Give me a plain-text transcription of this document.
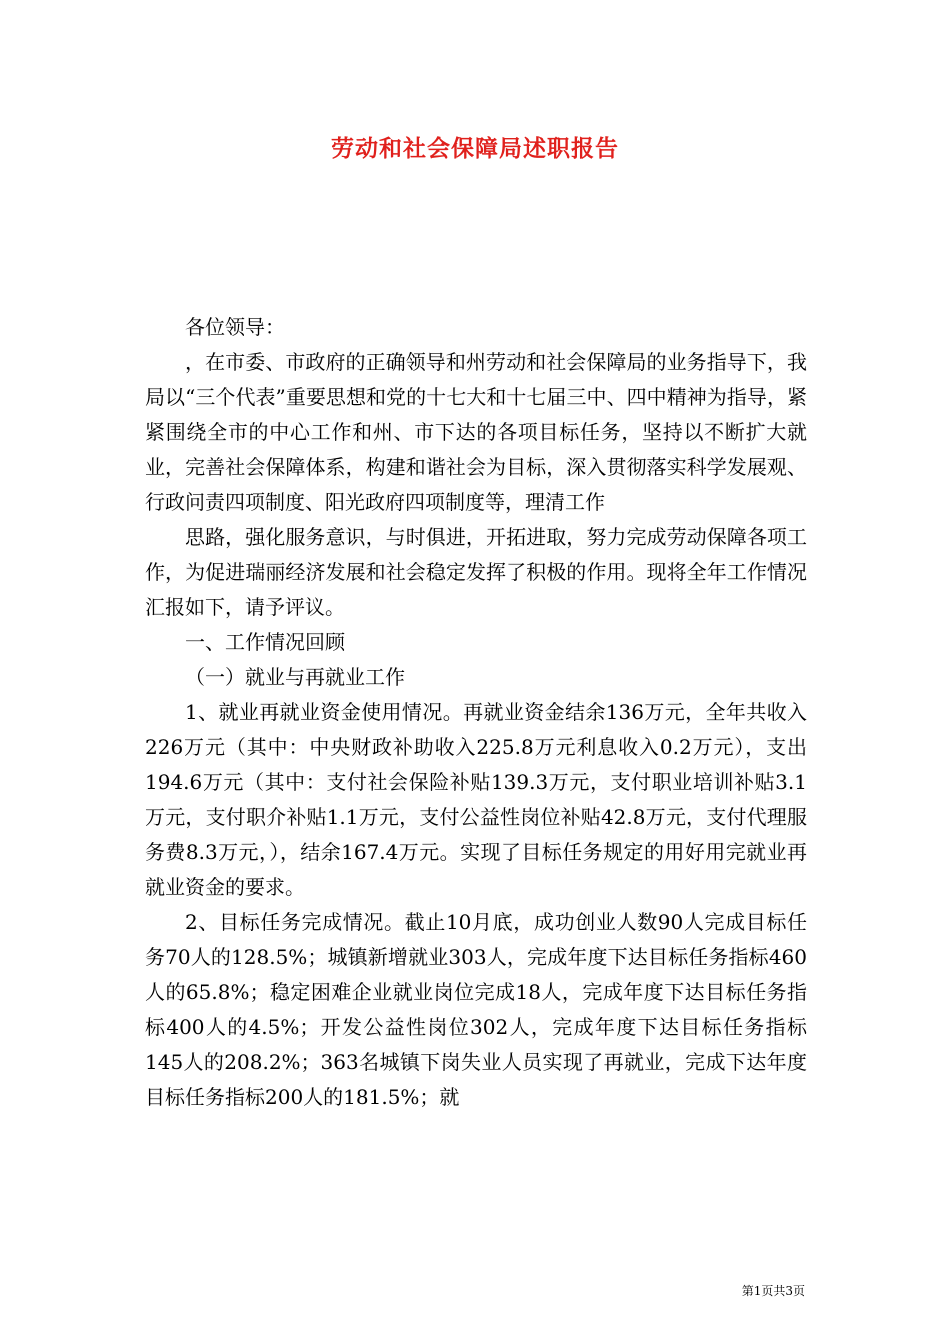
劳动和社会保障局述职报告

各位领导：

，在市委、市政府的正确领导和州劳动和社会保障局的业务指导下，我局以“三个代表”重要思想和党的十七大和十七届三中、四中精神为指导，紧紧围绕全市的中心工作和州、市下达的各项目标任务，坚持以不断扩大就业，完善社会保障体系，构建和谐社会为目标，深入贯彻落实科学发展观、行政问责四项制度、阳光政府四项制度等，理清工作

思路，强化服务意识，与时俱进，开拓进取，努力完成劳动保障各项工作，为促进瑞丽经济发展和社会稳定发挥了积极的作用。现将全年工作情况汇报如下，请予评议。

一、工作情况回顾

（一）就业与再就业工作

1、就业再就业资金使用情况。再就业资金结余136万元，全年共收入226万元（其中：中央财政补助收入225.8万元利息收入0.2万元），支出194.6万元（其中：支付社会保险补贴139.3万元，支付职业培训补贴3.1万元，支付职介补贴1.1万元，支付公益性岗位补贴42.8万元，支付代理服务费8.3万元，），结余167.4万元。实现了目标任务规定的用好用完就业再就业资金的要求。

2、目标任务完成情况。截止10月底，成功创业人数90人完成目标任务70人的128.5%；城镇新增就业303人，完成年度下达目标任务指标460人的65.8%；稳定困难企业就业岗位完成18人，完成年度下达目标任务指标400人的4.5%；开发公益性岗位302人，完成年度下达目标任务指标145人的208.2%；363名城镇下岗失业人员实现了再就业，完成下达年度目标任务指标200人的181.5%；就

第1页共3页
